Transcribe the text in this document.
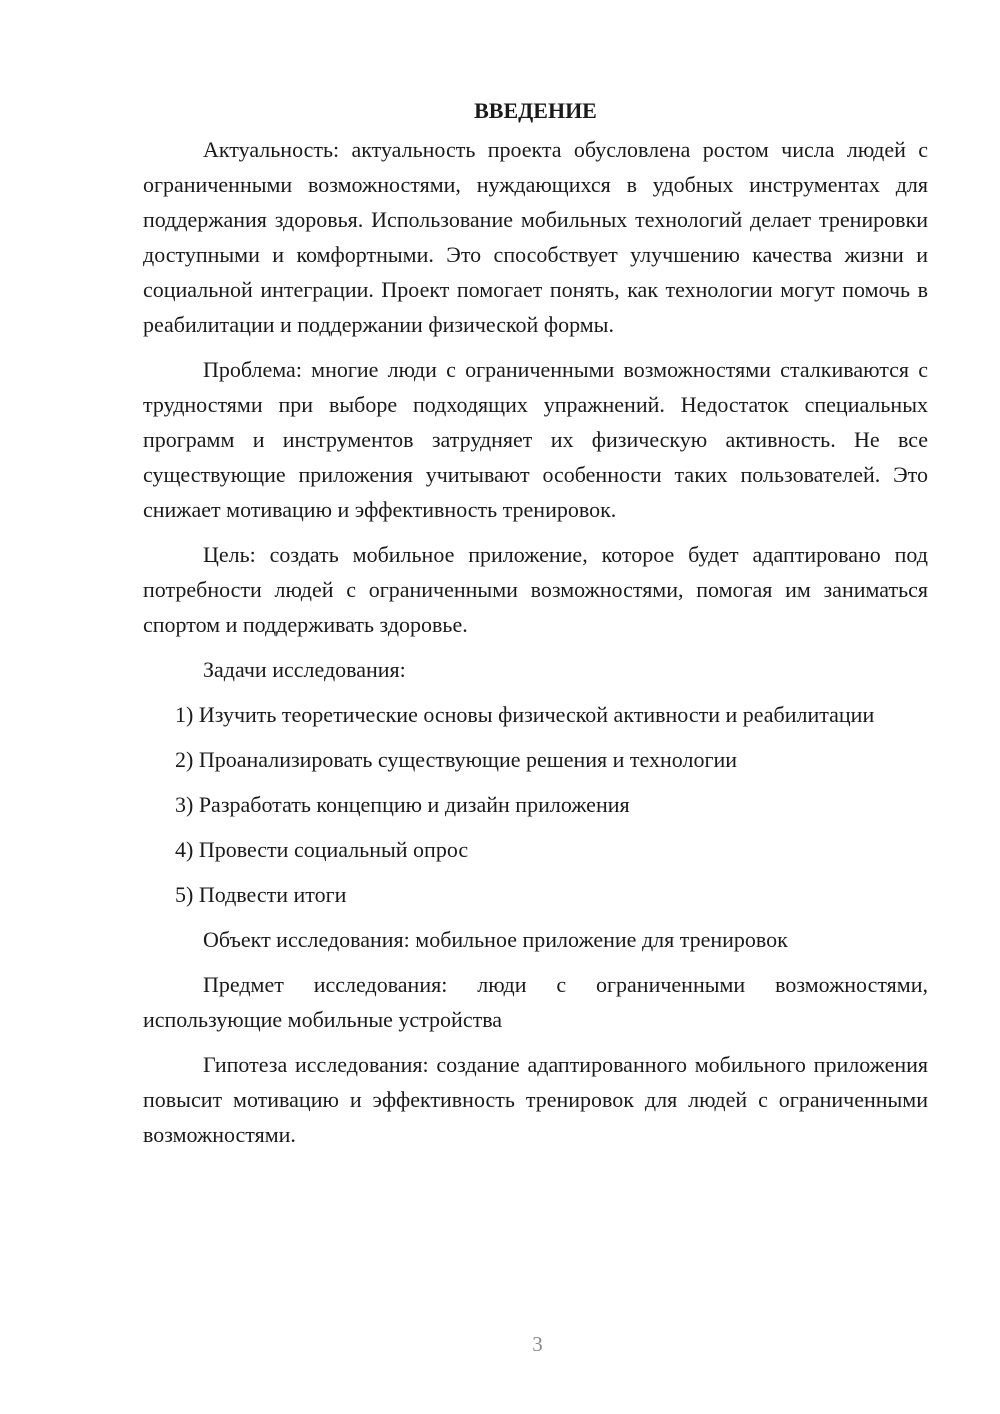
ВВЕДЕНИЕ

Актуальность: актуальность проекта обусловлена ростом числа людей с ограниченными возможностями, нуждающихся в удобных инструментах для поддержания здоровья. Использование мобильных технологий делает тренировки доступными и комфортными. Это способствует улучшению качества жизни и социальной интеграции. Проект помогает понять, как технологии могут помочь в реабилитации и поддержании физической формы.

Проблема: многие люди с ограниченными возможностями сталкиваются с трудностями при выборе подходящих упражнений. Недостаток специальных программ и инструментов затрудняет их физическую активность. Не все существующие приложения учитывают особенности таких пользователей. Это снижает мотивацию и эффективность тренировок.

Цель: создать мобильное приложение, которое будет адаптировано под потребности людей с ограниченными возможностями, помогая им заниматься спортом и поддерживать здоровье.

Задачи исследования:

1) Изучить теоретические основы физической активности и реабилитации

2) Проанализировать существующие решения и технологии

3) Разработать концепцию и дизайн приложения

4) Провести социальный опрос

5) Подвести итоги

Объект исследования: мобильное приложение для тренировок

Предмет исследования: люди с ограниченными возможностями, использующие мобильные устройства

Гипотеза исследования: создание адаптированного мобильного приложения повысит мотивацию и эффективность тренировок для людей с ограниченными возможностями.

3
